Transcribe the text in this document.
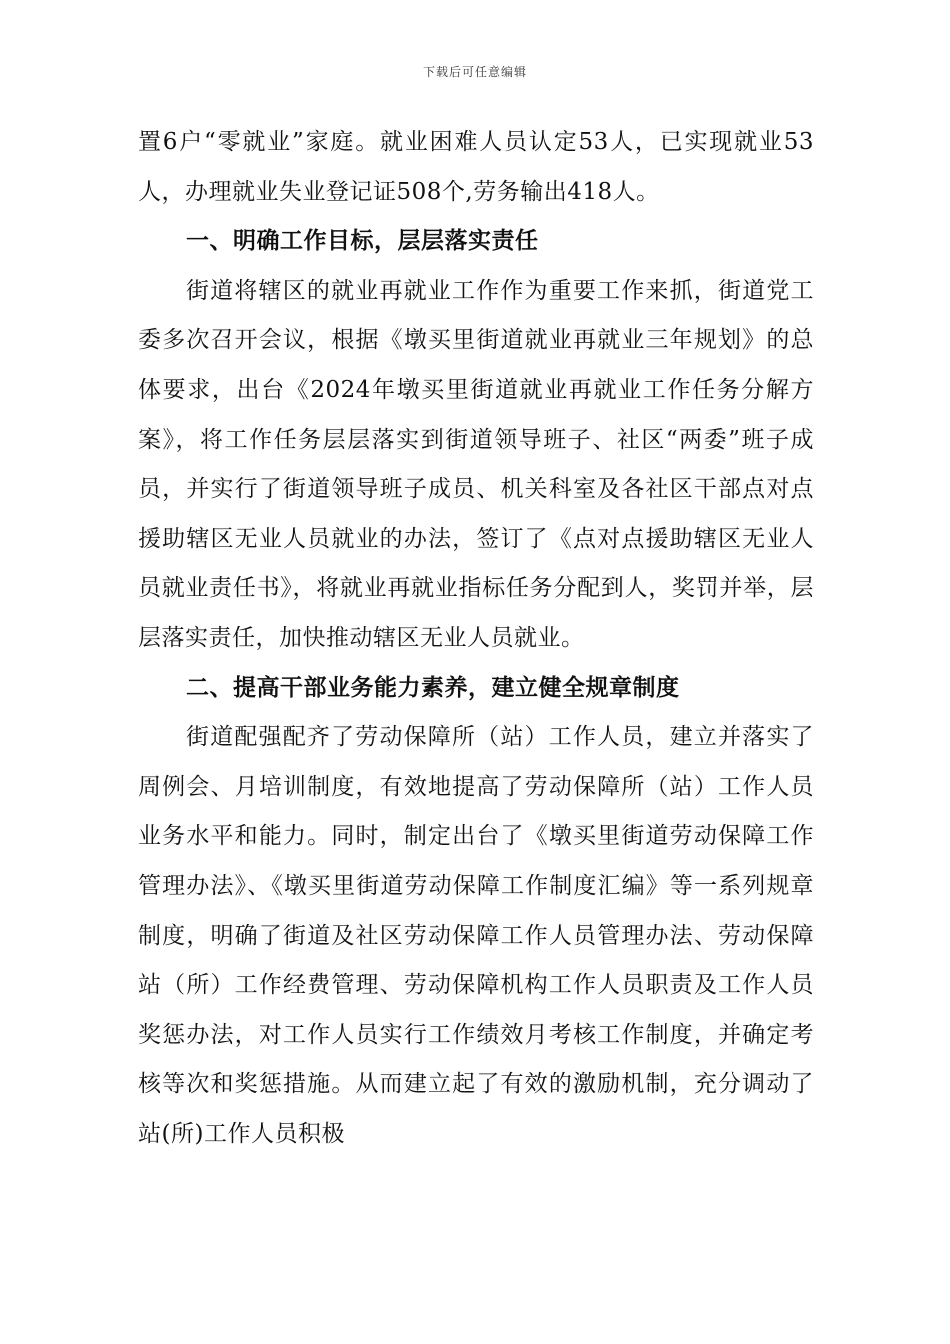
下载后可任意编辑

置6户“零就业”家庭。就业困难人员认定53人，已实现就业53人，办理就业失业登记证508个,劳务输出418人。

一、明确工作目标，层层落实责任

街道将辖区的就业再就业工作作为重要工作来抓，街道党工委多次召开会议，根据《墩买里街道就业再就业三年规划》的总体要求，出台《2024年墩买里街道就业再就业工作任务分解方案》，将工作任务层层落实到街道领导班子、社区“两委”班子成员，并实行了街道领导班子成员、机关科室及各社区干部点对点援助辖区无业人员就业的办法，签订了《点对点援助辖区无业人员就业责任书》，将就业再就业指标任务分配到人，奖罚并举，层层落实责任，加快推动辖区无业人员就业。

二、提高干部业务能力素养，建立健全规章制度

街道配强配齐了劳动保障所（站）工作人员，建立并落实了周例会、月培训制度，有效地提高了劳动保障所（站）工作人员业务水平和能力。同时，制定出台了《墩买里街道劳动保障工作管理办法》、《墩买里街道劳动保障工作制度汇编》等一系列规章制度，明确了街道及社区劳动保障工作人员管理办法、劳动保障站（所）工作经费管理、劳动保障机构工作人员职责及工作人员奖惩办法，对工作人员实行工作绩效月考核工作制度，并确定考核等次和奖惩措施。从而建立起了有效的激励机制，充分调动了站(所)工作人员积极
